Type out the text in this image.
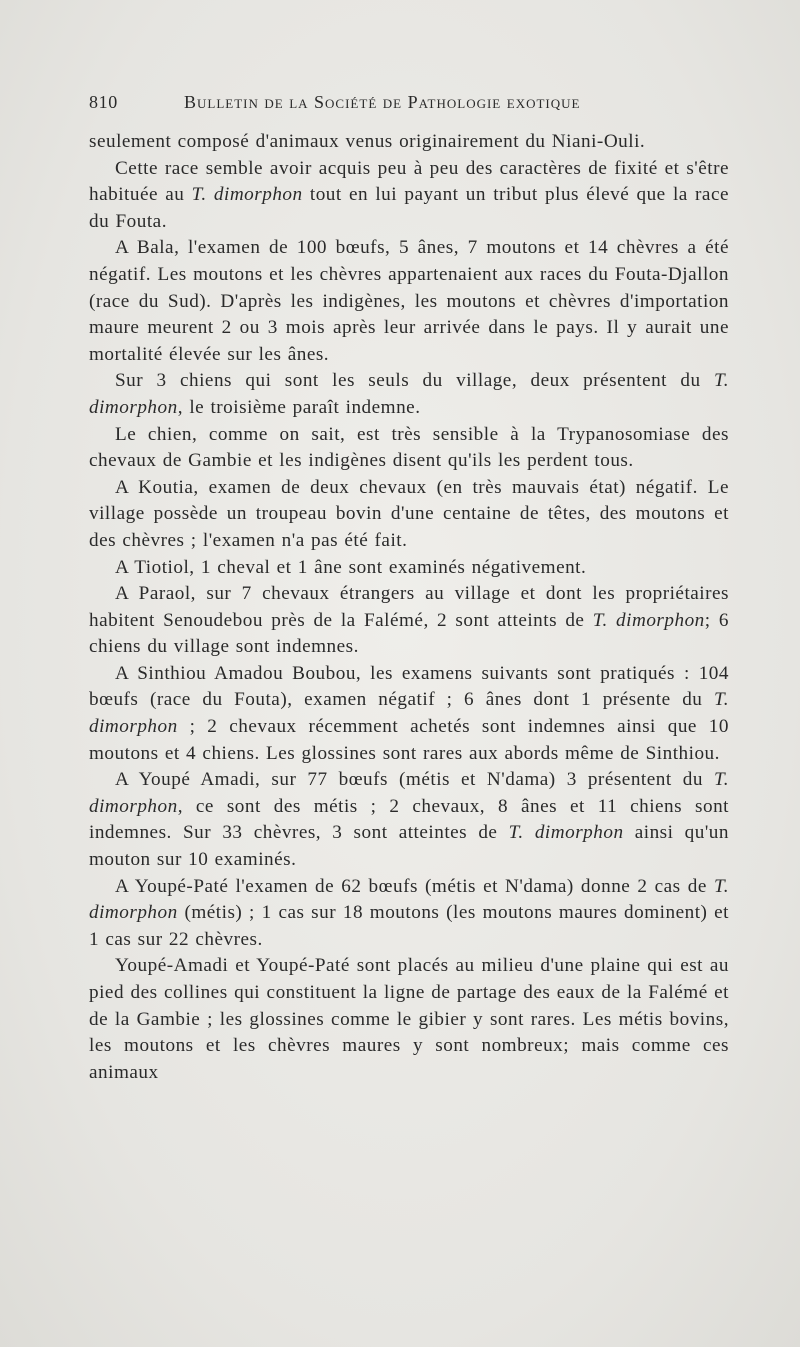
810	Bulletin de la Société de Pathologie exotique

seulement composé d'animaux venus originairement du Niani-Ouli.

Cette race semble avoir acquis peu à peu des caractères de fixité et s'être habituée au T. dimorphon tout en lui payant un tribut plus élevé que la race du Fouta.

A Bala, l'examen de 100 bœufs, 5 ânes, 7 moutons et 14 chèvres a été négatif. Les moutons et les chèvres appartenaient aux races du Fouta-Djallon (race du Sud). D'après les indigènes, les moutons et chèvres d'importation maure meurent 2 ou 3 mois après leur arrivée dans le pays. Il y aurait une mortalité élevée sur les ânes.

Sur 3 chiens qui sont les seuls du village, deux présentent du T. dimorphon, le troisième paraît indemne.

Le chien, comme on sait, est très sensible à la Trypanosomiase des chevaux de Gambie et les indigènes disent qu'ils les perdent tous.

A Koutia, examen de deux chevaux (en très mauvais état) négatif. Le village possède un troupeau bovin d'une centaine de têtes, des moutons et des chèvres ; l'examen n'a pas été fait.

A Tiotiol, 1 cheval et 1 âne sont examinés négativement.

A Paraol, sur 7 chevaux étrangers au village et dont les propriétaires habitent Senoudebou près de la Falémé, 2 sont atteints de T. dimorphon; 6 chiens du village sont indemnes.

A Sinthiou Amadou Boubou, les examens suivants sont pratiqués : 104 bœufs (race du Fouta), examen négatif ; 6 ânes dont 1 présente du T. dimorphon ; 2 chevaux récemment achetés sont indemnes ainsi que 10 moutons et 4 chiens. Les glossines sont rares aux abords même de Sinthiou.

A Youpé Amadi, sur 77 bœufs (métis et N'dama) 3 présentent du T. dimorphon, ce sont des métis ; 2 chevaux, 8 ânes et 11 chiens sont indemnes. Sur 33 chèvres, 3 sont atteintes de T. dimorphon ainsi qu'un mouton sur 10 examinés.

A Youpé-Paté l'examen de 62 bœufs (métis et N'dama) donne 2 cas de T. dimorphon (métis) ; 1 cas sur 18 moutons (les moutons maures dominent) et 1 cas sur 22 chèvres.

Youpé-Amadi et Youpé-Paté sont placés au milieu d'une plaine qui est au pied des collines qui constituent la ligne de partage des eaux de la Falémé et de la Gambie ; les glossines comme le gibier y sont rares. Les métis bovins, les moutons et les chèvres maures y sont nombreux; mais comme ces animaux
